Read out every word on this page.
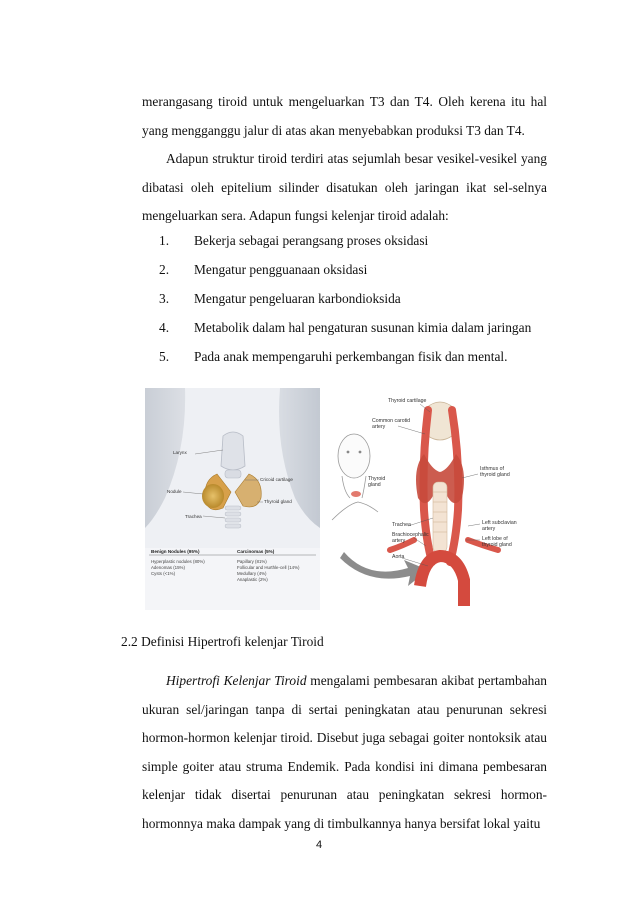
merangasang tiroid untuk mengeluarkan T3 dan T4. Oleh kerena itu hal yang mengganggu jalur di atas akan menyebabkan produksi T3 dan T4.
Adapun struktur tiroid terdiri atas sejumlah besar vesikel-vesikel yang dibatasi oleh epitelium silinder disatukan oleh jaringan ikat sel-selnya mengeluarkan sera. Adapun fungsi kelenjar tiroid adalah:
1. Bekerja sebagai perangsang proses oksidasi
2. Mengatur pengguanaan oksidasi
3. Mengatur pengeluaran karbondioksida
4. Metabolik dalam hal pengaturan susunan kimia dalam jaringan
5. Pada anak mempengaruhi perkembangan fisik dan mental.
Larynx
Cricoid cartilage
Nodule
Thyroid gland
Trachea
Benign Nodules (95%)	Carcinomas (5%)
Hyperplastic nodules (80%)
Adenomas (15%)
Cysts (<1%)
Papillary (81%)
Follicular and Hurthle-cell (14%)
Medullary (4%)
Anaplastic (2%)
Thyroid cartilage
Common carotid
artery
Thyroid
gland
Isthmus of
thyroid gland
Trachea
Brachiocephalic
artery
Aorta
Left subclavian
artery
Left lobe of
thyroid gland
2.2 Definisi Hipertrofi kelenjar Tiroid
Hipertrofi Kelenjar Tiroid mengalami pembesaran akibat pertambahan ukuran sel/jaringan tanpa di sertai peningkatan atau penurunan sekresi hormon-hormon kelenjar tiroid. Disebut juga sebagai goiter nontoksik atau simple goiter atau struma Endemik. Pada kondisi ini dimana pembesaran kelenjar tidak disertai penurunan atau peningkatan sekresi hormon-hormonnya maka dampak yang di timbulkannya hanya bersifat lokal yaitu
4
